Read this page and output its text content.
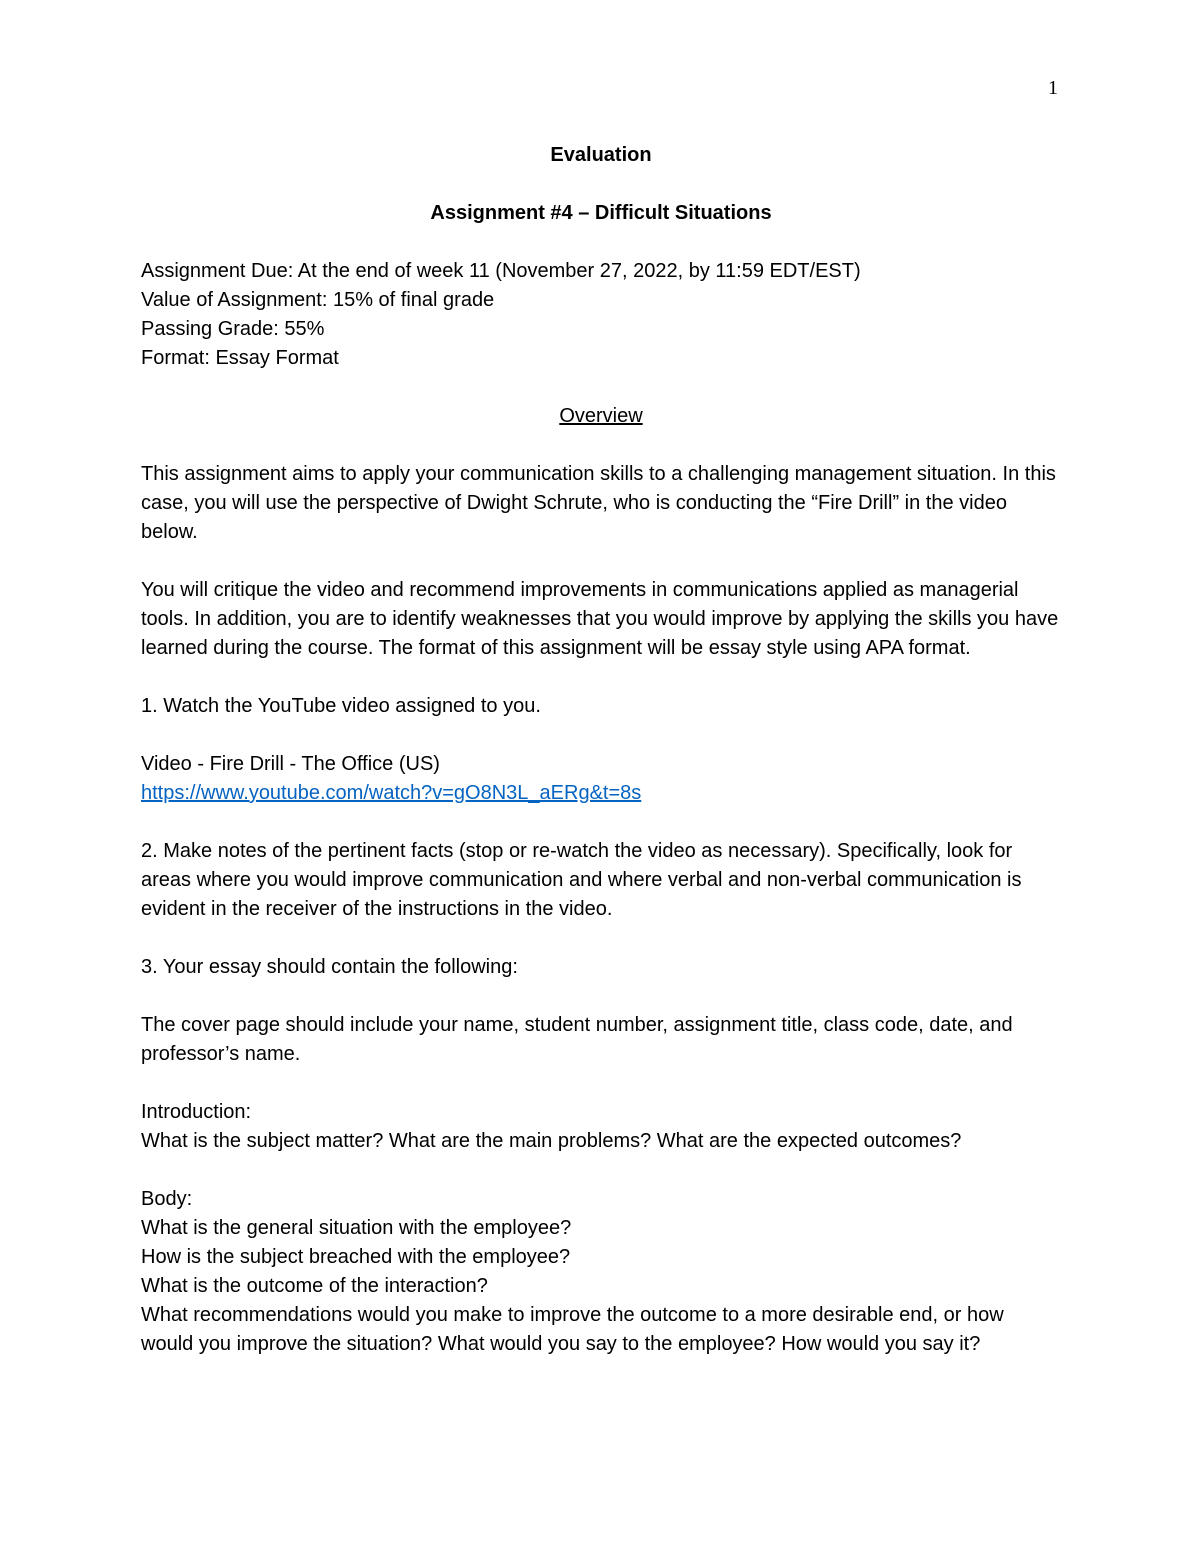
1

Evaluation

Assignment #4 – Difficult Situations

Assignment Due: At the end of week 11 (November 27, 2022, by 11:59 EDT/EST)

Value of Assignment: 15% of final grade

Passing Grade: 55%

Format: Essay Format

Overview

This assignment aims to apply your communication skills to a challenging management situation. In this case, you will use the perspective of Dwight Schrute, who is conducting the “Fire Drill” in the video below.

You will critique the video and recommend improvements in communications applied as managerial tools. In addition, you are to identify weaknesses that you would improve by applying the skills you have learned during the course. The format of this assignment will be essay style using APA format.

1. Watch the YouTube video assigned to you.

Video - Fire Drill - The Office (US)

https://www.youtube.com/watch?v=gO8N3L_aERg&t=8s

2. Make notes of the pertinent facts (stop or re-watch the video as necessary). Specifically, look for areas where you would improve communication and where verbal and non-verbal communication is evident in the receiver of the instructions in the video.

3. Your essay should contain the following:

The cover page should include your name, student number, assignment title, class code, date, and professor’s name.

Introduction:

What is the subject matter? What are the main problems? What are the expected outcomes?

Body:

What is the general situation with the employee?

How is the subject breached with the employee?

What is the outcome of the interaction?

What recommendations would you make to improve the outcome to a more desirable end, or how would you improve the situation? What would you say to the employee? How would you say it?
